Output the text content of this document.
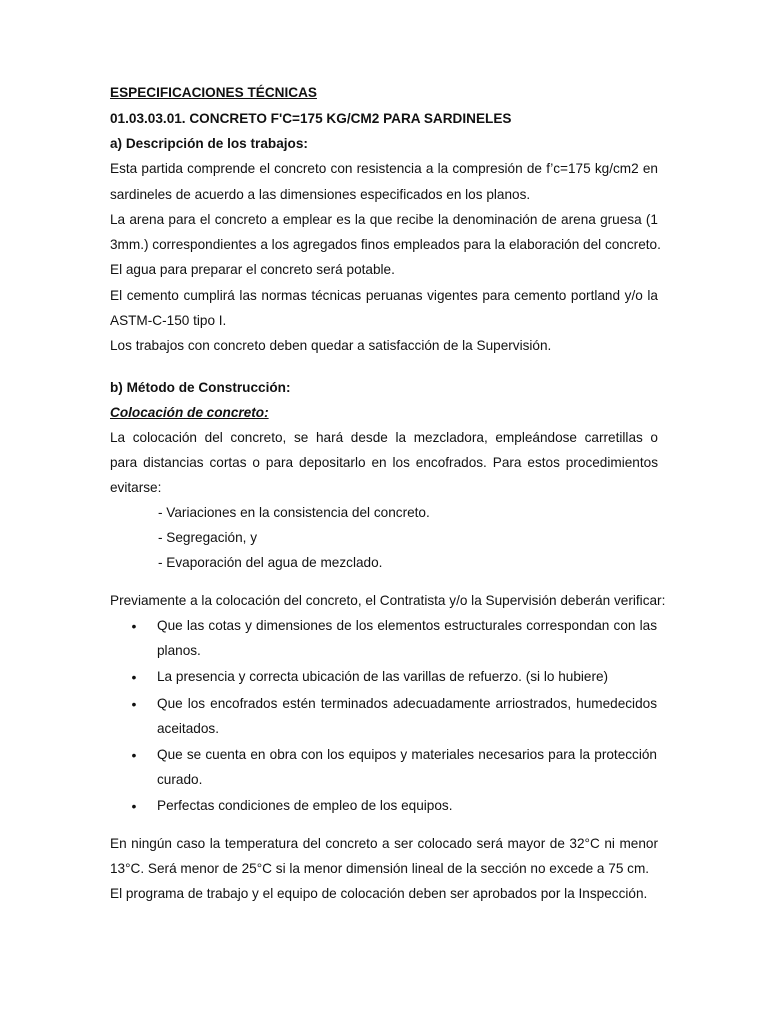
ESPECIFICACIONES TÉCNICAS
01.03.03.01. CONCRETO F'C=175 KG/CM2 PARA SARDINELES
a) Descripción de los trabajos:
Esta partida comprende el concreto con resistencia a la compresión de f’c=175 kg/cm2 en
sardineles de acuerdo a las dimensiones especificados en los planos.
La arena para el concreto a emplear es la que recibe la denominación de arena gruesa (1
3mm.) correspondientes a los agregados finos empleados para la elaboración del concreto.
El agua para preparar el concreto será potable.
El cemento cumplirá las normas técnicas peruanas vigentes para cemento portland y/o la
ASTM-C-150 tipo I.
Los trabajos con concreto deben quedar a satisfacción de la Supervisión.
b) Método de Construcción:
Colocación de concreto:
La colocación del concreto, se hará desde la mezcladora, empleándose carretillas o
para distancias cortas o para depositarlo en los encofrados. Para estos procedimientos
evitarse:
- Variaciones en la consistencia del concreto.
- Segregación, y
- Evaporación del agua de mezclado.
Previamente a la colocación del concreto, el Contratista y/o la Supervisión deberán verificar:
• Que las cotas y dimensiones de los elementos estructurales correspondan con las
planos.
• La presencia y correcta ubicación de las varillas de refuerzo. (si lo hubiere)
• Que los encofrados estén terminados adecuadamente arriostrados, humedecidos
aceitados.
• Que se cuenta en obra con los equipos y materiales necesarios para la protección
curado.
• Perfectas condiciones de empleo de los equipos.
En ningún caso la temperatura del concreto a ser colocado será mayor de 32°C ni menor
13°C. Será menor de 25°C si la menor dimensión lineal de la sección no excede a 75 cm.
El programa de trabajo y el equipo de colocación deben ser aprobados por la Inspección.
